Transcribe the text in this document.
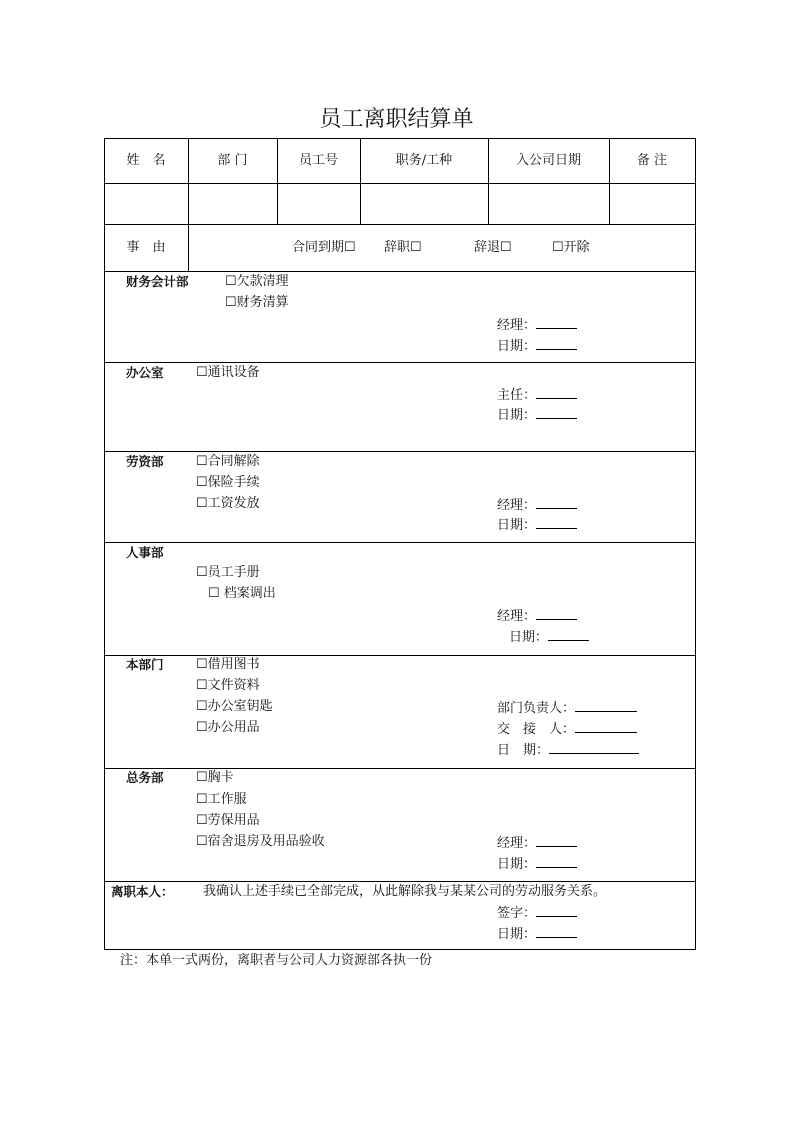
员工离职结算单
姓　名	部 门	员工号	职务/工种	入公司日期	备 注
事　由	合同到期☐ 辞职☐	辞退☐	☐开除
财务会计部	☐欠款清理
☐财务清算
经理：
日期：
办公室 ☐通讯设备
主任：
日期：
劳资部 ☐合同解除
☐保险手续
☐工资发放	经理：
日期：
人事部
☐员工手册
☐ 档案调出
经理：
日期：
本部门 ☐借用图书
☐文件资料
☐办公室钥匙
☐办公用品
部门负责人：
交　接　人：
日　期：
总务部 ☐胸卡
☐工作服
☐劳保用品
☐宿舍退房及用品验收	经理：
日期：
离职本人： 我确认上述手续已全部完成，从此解除我与某某公司的劳动服务关系。
签字：
日期：
注：本单一式两份，离职者与公司人力资源部各执一份
